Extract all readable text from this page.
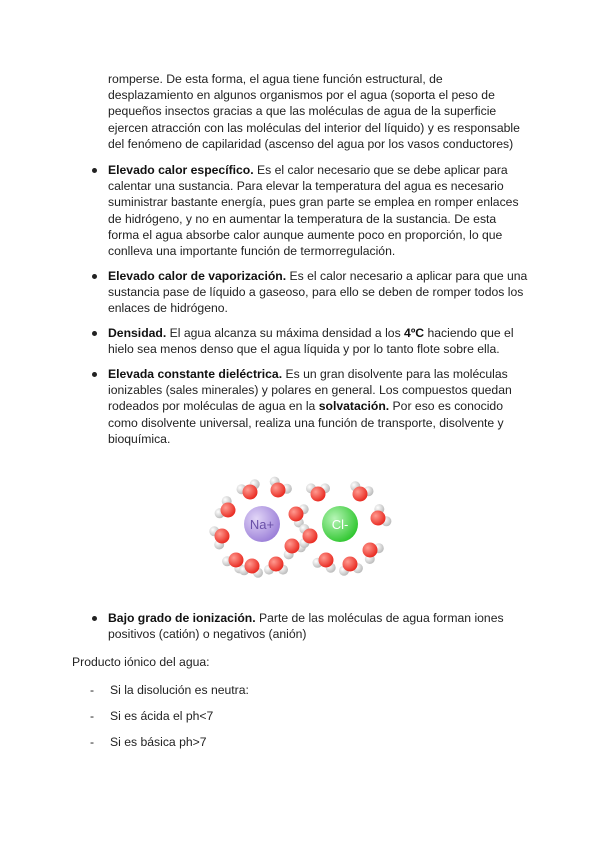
romperse. De esta forma, el agua tiene función estructural, de desplazamiento en algunos organismos por el agua (soporta el peso de pequeños insectos gracias a que las moléculas de agua de la superficie ejercen atracción con las moléculas del interior del líquido) y es responsable del fenómeno de capilaridad (ascenso del agua por los vasos conductores)
Elevado calor específico. Es el calor necesario que se debe aplicar para calentar una sustancia. Para elevar la temperatura del agua es necesario suministrar bastante energía, pues gran parte se emplea en romper enlaces de hidrógeno, y no en aumentar la temperatura de la sustancia. De esta forma el agua absorbe calor aunque aumente poco en proporción, lo que conlleva una importante función de termorregulación.
Elevado calor de vaporización. Es el calor necesario a aplicar para que una sustancia pase de líquido a gaseoso, para ello se deben de romper todos los enlaces de hidrógeno.
Densidad. El agua alcanza su máxima densidad a los 4ºC haciendo que el hielo sea menos denso que el agua líquida y por lo tanto flote sobre ella.
Elevada constante dieléctrica. Es un gran disolvente para las moléculas ionizables (sales minerales) y polares en general. Los compuestos quedan rodeados por moléculas de agua en la solvatación. Por eso es conocido como disolvente universal, realiza una función de transporte, disolvente y bioquímica.
Na+	Cl-
Bajo grado de ionización. Parte de las moléculas de agua forman iones positivos (catión) o negativos (anión)
Producto iónico del agua:
- Si la disolución es neutra:
- Si es ácida el ph<7
- Si es básica ph>7
